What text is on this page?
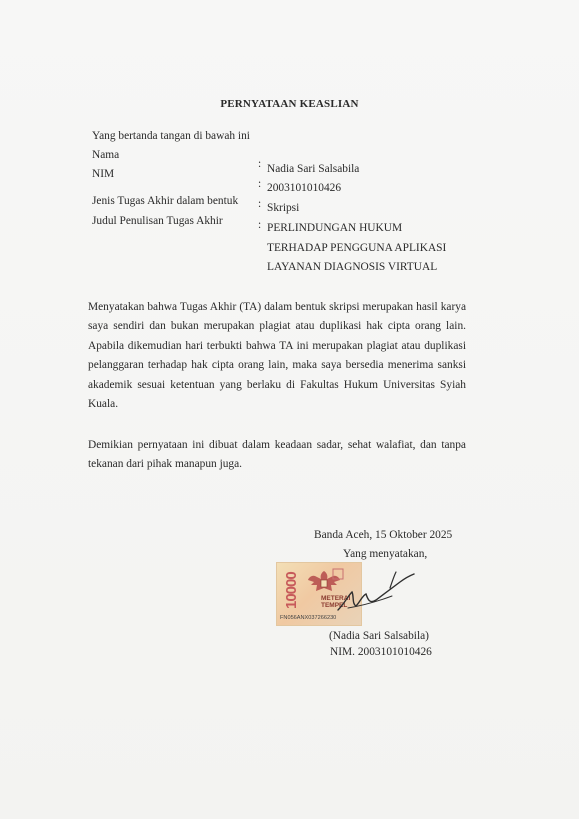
PERNYATAAN KEASLIAN
Yang bertanda tangan di bawah ini
Nama
: Nadia Sari Salsabila
NIM
: 2003101010426
Jenis Tugas Akhir dalam bentuk : Skripsi
Judul Penulisan Tugas Akhir	: PERLINDUNGAN HUKUM
TERHADAP PENGGUNA APLIKASI
LAYANAN DIAGNOSIS VIRTUAL
Menyatakan bahwa Tugas Akhir (TA) dalam bentuk skripsi merupakan hasil karya saya sendiri dan bukan merupakan plagiat atau duplikasi hak cipta orang lain. Apabila dikemudian hari terbukti bahwa TA ini merupakan plagiat atau duplikasi pelanggaran terhadap hak cipta orang lain, maka saya bersedia menerima sanksi akademik sesuai ketentuan yang berlaku di Fakultas Hukum Universitas Syiah Kuala.
Demikian pernyataan ini dibuat dalam keadaan sadar, sehat walafiat, dan tanpa tekanan dari pihak manapun juga.
Banda Aceh, 15 Oktober 2025
Yang menyatakan,
10000	METERAI
TEMPEL
FN056ANX037266230
(Nadia Sari Salsabila)
NIM. 2003101010426
